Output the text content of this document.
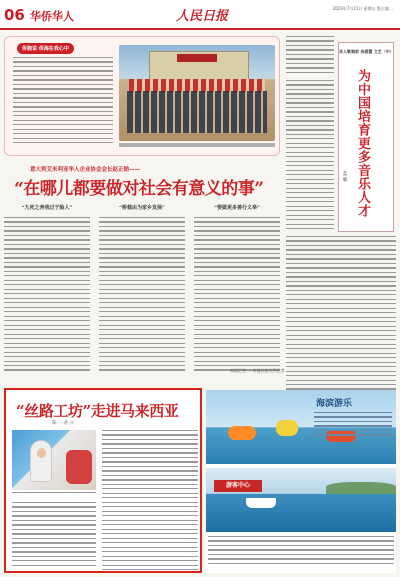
06 华侨华人	人民日报
2023年7月21日 星期五 版主编 ...
侨胞说·侨海在我心中
意大利艾米利亚华人企业协会会长赵正勋——
“在哪儿都要做对社会有意义的事”
“九死之奔我过于险人”	“桥载由为家乡发展”	“要做更多善行义举”
本报记者 … 本报驻意大利记者
华人歌唱家 吴碧霞 文艺（中）
为中国培育更多音乐人才
蓝 璐
“丝路工坊”走进马来西亚
陈 一 孙 亓
海滨游乐
游客中心
